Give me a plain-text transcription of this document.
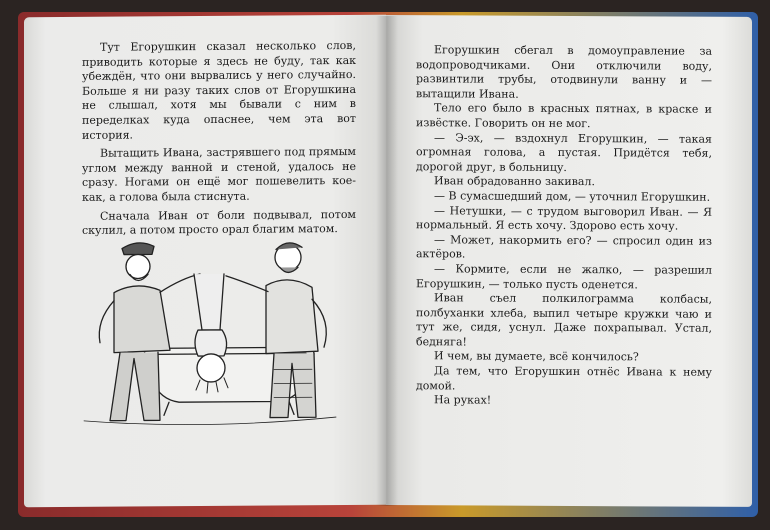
Тут Егорушкин сказал несколько слов, приводить которые я здесь не буду, так как убеждён, что они вырвались у него случайно. Больше я ни разу таких слов от Егорушкина не слышал, хотя мы бывали с ним в переделках куда опаснее, чем эта вот история.

Вытащить Ивана, застрявшего под прямым углом между ванной и стеной, удалось не сразу. Ногами он ещё мог пошевелить кое-как, а голова была стиснута.

Сначала Иван от боли подвывал, потом скулил, а потом просто орал благим матом.

Егорушкин сбегал в домоуправление за водопроводчиками. Они отключили воду, развинтили трубы, отодвинули ванну и — вытащили Ивана.

Тело его было в красных пятнах, в краске и извёстке. Говорить он не мог.

— Э-эх, — вздохнул Егорушкин, — такая огромная голова, а пустая. Придётся тебя, дорогой друг, в больницу.

Иван обрадованно закивал.

— В сумасшедший дом, — уточнил Егорушкин.

— Нетушки, — с трудом выговорил Иван. — Я нормальный. Я есть хочу. Здорово есть хочу.

— Может, накормить его? — спросил один из актёров.

— Кормите, если не жалко, — разрешил Егорушкин, — только пусть оденется.

Иван съел полкилограмма колбасы, полбуханки хлеба, выпил четыре кружки чаю и тут же, сидя, уснул. Даже похрапывал. Устал, бедняга!

И чем, вы думаете, всё кончилось?

Да тем, что Егорушкин отнёс Ивана к нему домой.

На руках!
